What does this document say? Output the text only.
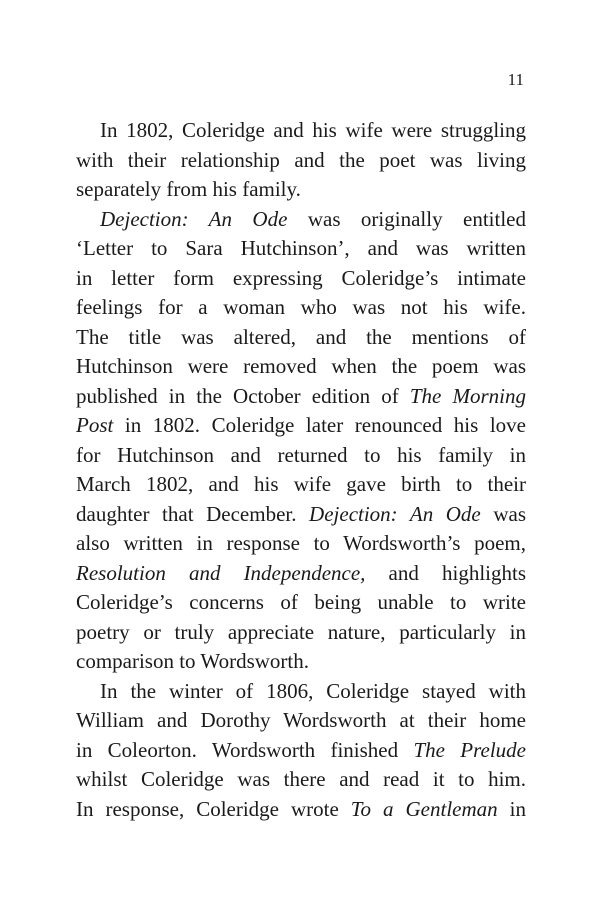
11
In 1802, Coleridge and his wife were struggling
with their relationship and the poet was living
separately from his family.
Dejection: An Ode was originally entitled
‘Letter to Sara Hutchinson’, and was written
in letter form expressing Coleridge’s intimate
feelings for a woman who was not his wife.
The title was altered, and the mentions of
Hutchinson were removed when the poem was
published in the October edition of The Morning
Post in 1802. Coleridge later renounced his love
for Hutchinson and returned to his family in
March 1802, and his wife gave birth to their
daughter that December. Dejection: An Ode was
also written in response to Wordsworth’s poem,
Resolution and Independence, and highlights
Coleridge’s concerns of being unable to write
poetry or truly appreciate nature, particularly in
comparison to Wordsworth.
In the winter of 1806, Coleridge stayed with
William and Dorothy Wordsworth at their home
in Coleorton. Wordsworth finished The Prelude
whilst Coleridge was there and read it to him.
In response, Coleridge wrote To a Gentleman in
